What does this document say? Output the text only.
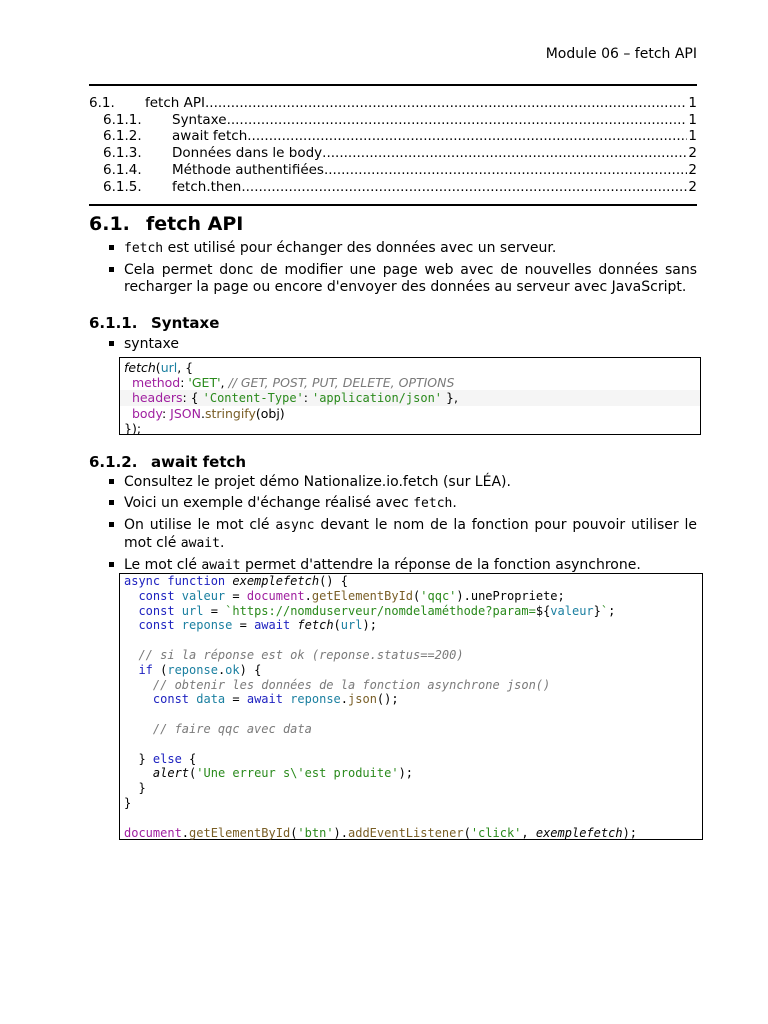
Module 06 – fetch API
6.1.	fetch API .....	1
6.1.1.	Syntaxe .....	1
6.1.2.	await fetch .....	1
6.1.3.	Données dans le body .....	2
6.1.4.	Méthode authentifiées .....	2
6.1.5.	fetch.then .....	2
6.1. fetch API
fetch est utilisé pour échanger des données avec un serveur.
Cela permet donc de modifier une page web avec de nouvelles données sans recharger la page ou encore d'envoyer des données au serveur avec JavaScript.
6.1.1. Syntaxe
syntaxe
fetch(url, {
method: 'GET', // GET, POST, PUT, DELETE, OPTIONS
headers: { 'Content-Type': 'application/json' },
body: JSON.stringify(obj)
});
6.1.2. await fetch
Consultez le projet démo Nationalize.io.fetch (sur LÉA).
Voici un exemple d'échange réalisé avec fetch.
On utilise le mot clé async devant le nom de la fonction pour pouvoir utiliser le mot clé await.
Le mot clé await permet d'attendre la réponse de la fonction asynchrone.
async function exemplefetch() {
const valeur = document.getElementById('qqc').unePropriete;
const url = `https://nomduserveur/nomdelaméthode?param=${valeur}`;
const reponse = await fetch(url);
// si la réponse est ok (reponse.status==200)
if (reponse.ok) {
// obtenir les données de la fonction asynchrone json()
const data = await reponse.json();
// faire qqc avec data
} else {
alert('Une erreur s\'est produite');
}
}
document.getElementById('btn').addEventListener('click', exemplefetch);
